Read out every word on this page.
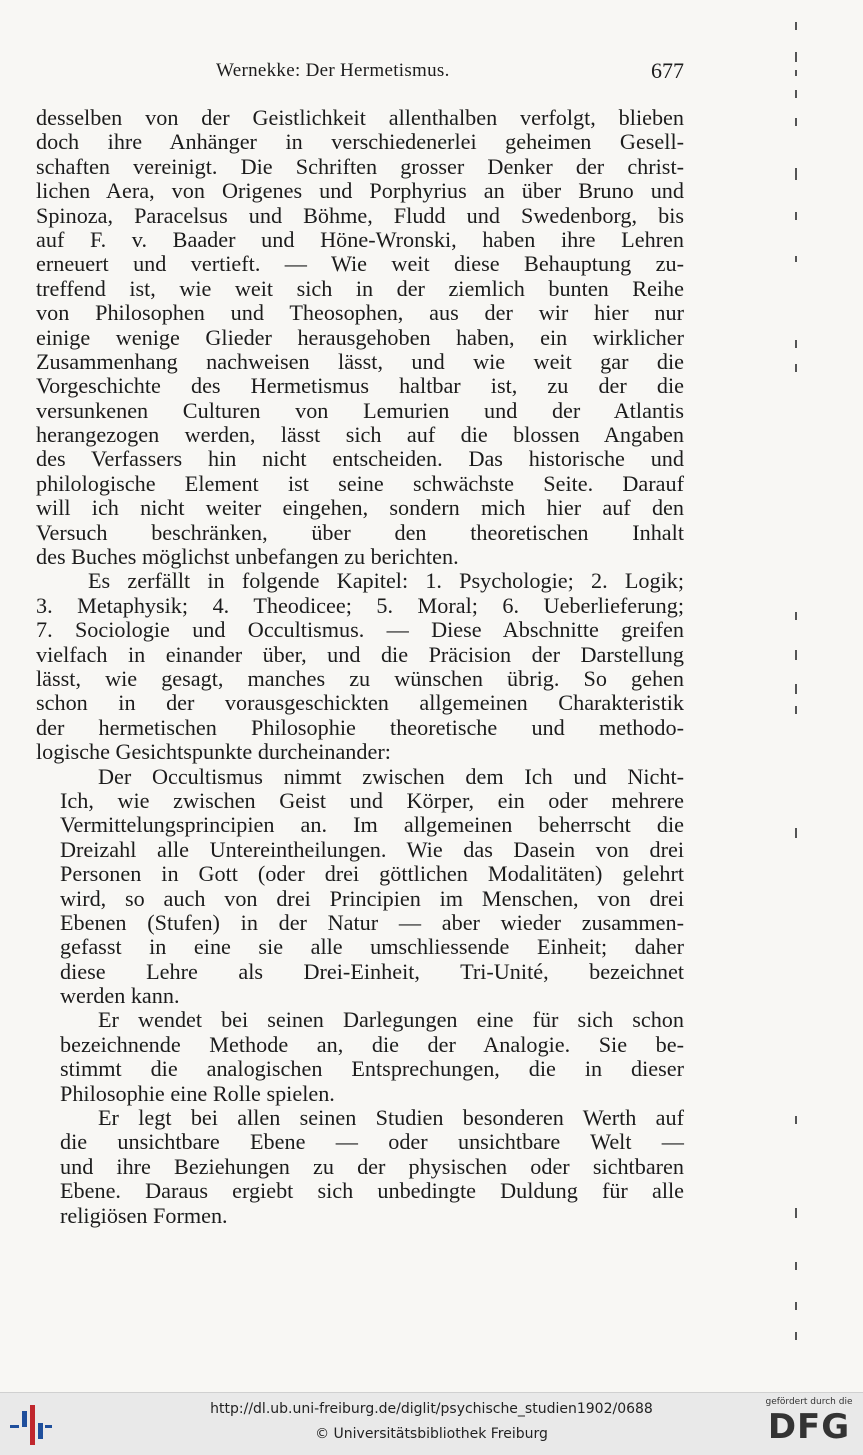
Wernekke: Der Hermetismus.	677
desselben von der Geistlichkeit allenthalben verfolgt, blieben
doch ihre Anhänger in verschiedenerlei geheimen Gesell-
schaften vereinigt. Die Schriften grosser Denker der christ-
lichen Aera, von Origenes und Porphyrius an über Bruno und
Spinoza, Paracelsus und Böhme, Fludd und Swedenborg, bis
auf F. v. Baader und Höne-Wronski, haben ihre Lehren
erneuert und vertieft. — Wie weit diese Behauptung zu-
treffend ist, wie weit sich in der ziemlich bunten Reihe
von Philosophen und Theosophen, aus der wir hier nur
einige wenige Glieder herausgehoben haben, ein wirklicher
Zusammenhang nachweisen lässt, und wie weit gar die
Vorgeschichte des Hermetismus haltbar ist, zu der die
versunkenen Culturen von Lemurien und der Atlantis
herangezogen werden, lässt sich auf die blossen Angaben
des Verfassers hin nicht entscheiden. Das historische und
philologische Element ist seine schwächste Seite. Darauf
will ich nicht weiter eingehen, sondern mich hier auf den
Versuch beschränken, über den theoretischen Inhalt
des Buches möglichst unbefangen zu berichten.
Es zerfällt in folgende Kapitel: 1. Psychologie; 2. Logik;
3. Metaphysik; 4. Theodicee; 5. Moral; 6. Ueberlieferung;
7. Sociologie und Occultismus. — Diese Abschnitte greifen
vielfach in einander über, und die Präcision der Darstellung
lässt, wie gesagt, manches zu wünschen übrig. So gehen
schon in der vorausgeschickten allgemeinen Charakteristik
der hermetischen Philosophie theoretische und methodo-
logische Gesichtspunkte durcheinander:
Der Occultismus nimmt zwischen dem Ich und Nicht-
Ich, wie zwischen Geist und Körper, ein oder mehrere
Vermittelungsprincipien an. Im allgemeinen beherrscht die
Dreizahl alle Untereintheilungen. Wie das Dasein von drei
Personen in Gott (oder drei göttlichen Modalitäten) gelehrt
wird, so auch von drei Principien im Menschen, von drei
Ebenen (Stufen) in der Natur — aber wieder zusammen-
gefasst in eine sie alle umschliessende Einheit; daher
diese Lehre als Drei-Einheit, Tri-Unité, bezeichnet
werden kann.
Er wendet bei seinen Darlegungen eine für sich schon
bezeichnende Methode an, die der Analogie. Sie be-
stimmt die analogischen Entsprechungen, die in dieser
Philosophie eine Rolle spielen.
Er legt bei allen seinen Studien besonderen Werth auf
die unsichtbare Ebene — oder unsichtbare Welt —
und ihre Beziehungen zu der physischen oder sichtbaren
Ebene. Daraus ergiebt sich unbedingte Duldung für alle
religiösen Formen.
http://dl.ub.uni-freiburg.de/diglit/psychische_studien1902/0688
© Universitätsbibliothek Freiburg
gefördert durch die
DFG
